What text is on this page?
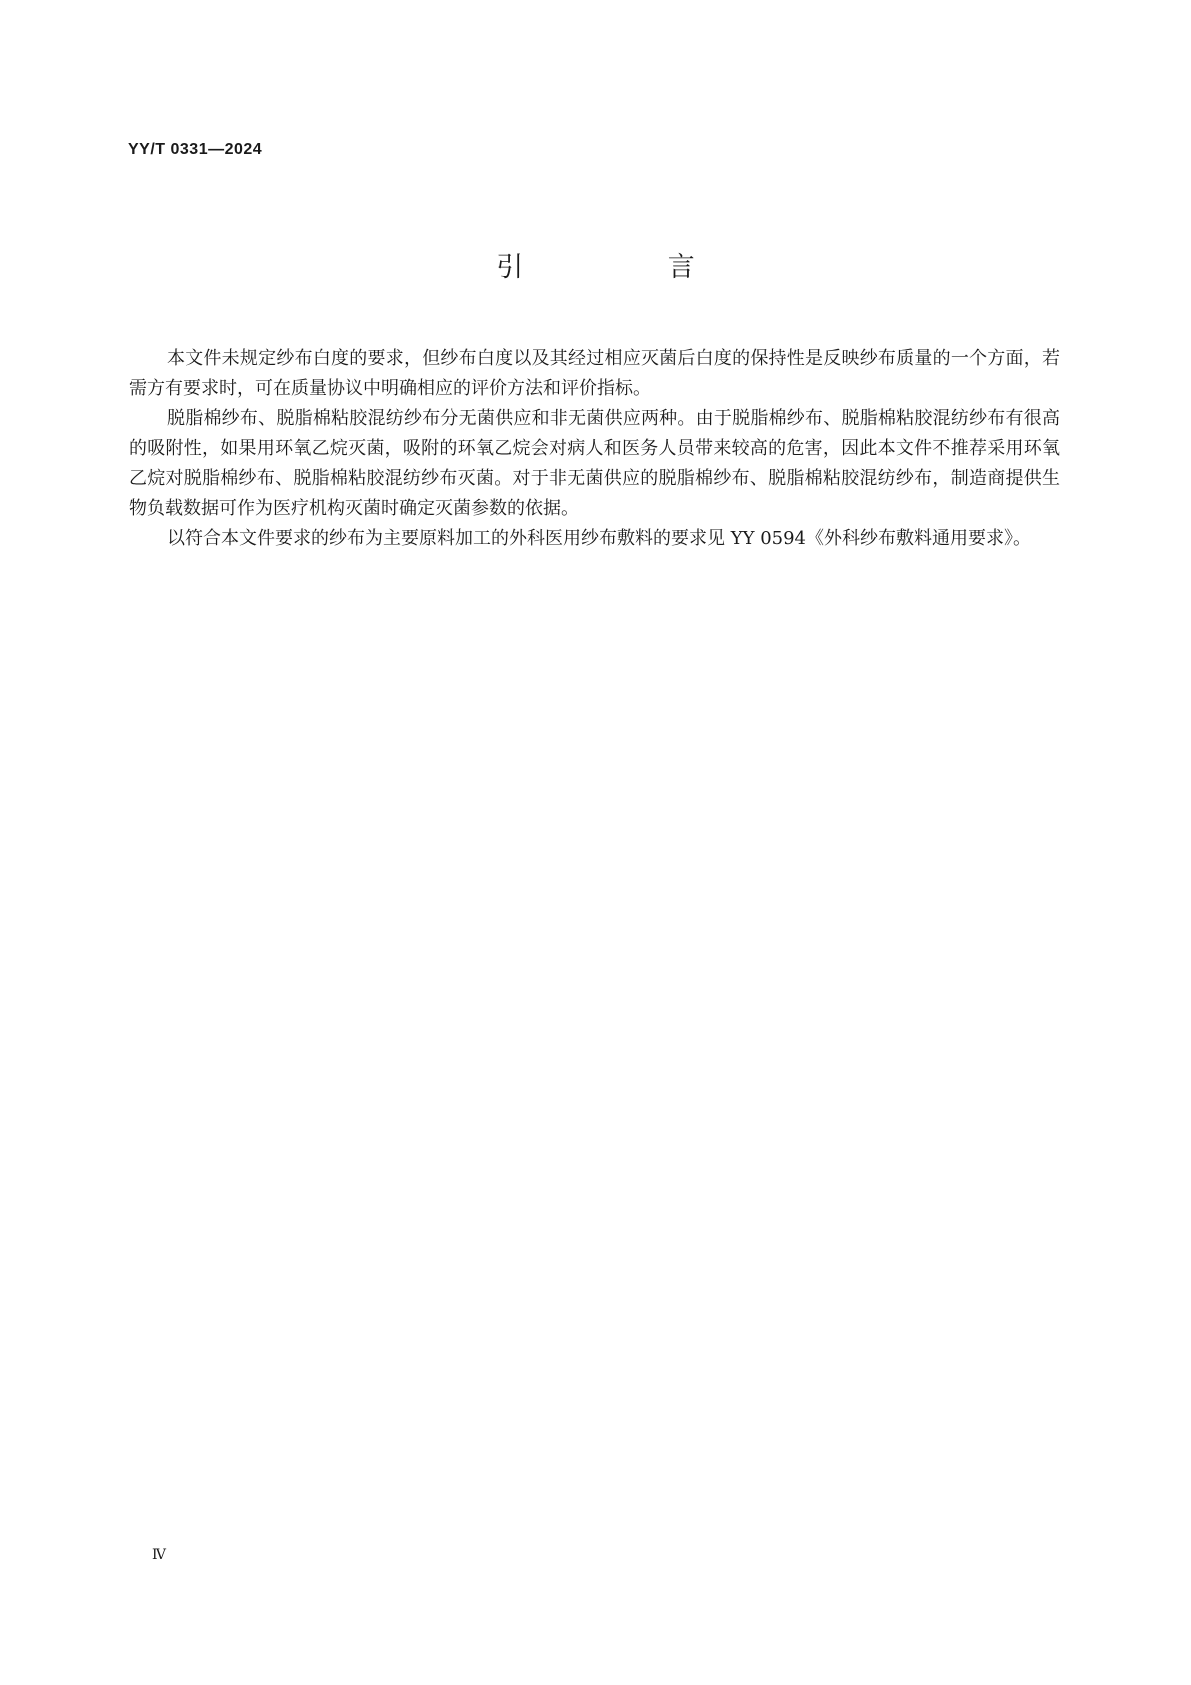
YY/T 0331—2024
引 言

本文件未规定纱布白度的要求，但纱布白度以及其经过相应灭菌后白度的保持性是反映纱布质量的一个方面，若需方有要求时，可在质量协议中明确相应的评价方法和评价指标。

脱脂棉纱布、脱脂棉粘胶混纺纱布分无菌供应和非无菌供应两种。由于脱脂棉纱布、脱脂棉粘胶混纺纱布有很高的吸附性，如果用环氧乙烷灭菌，吸附的环氧乙烷会对病人和医务人员带来较高的危害，因此本文件不推荐采用环氧乙烷对脱脂棉纱布、脱脂棉粘胶混纺纱布灭菌。对于非无菌供应的脱脂棉纱布、脱脂棉粘胶混纺纱布，制造商提供生物负载数据可作为医疗机构灭菌时确定灭菌参数的依据。

以符合本文件要求的纱布为主要原料加工的外科医用纱布敷料的要求见 YY 0594《外科纱布敷料通用要求》。

Ⅳ
